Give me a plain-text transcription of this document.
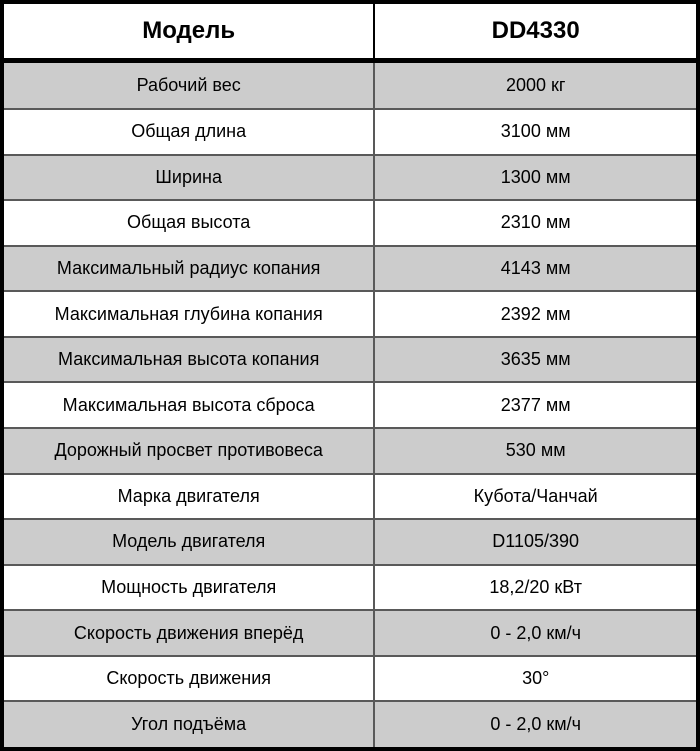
Модель	DD4330
Рабочий вес	2000 кг
Общая длина	3100 мм
Ширина	1300 мм
Общая высота	2310 мм
Максимальный радиус копания	4143 мм
Максимальная глубина копания	2392 мм
Максимальная высота копания	3635 мм
Максимальная высота сброса	2377 мм
Дорожный просвет противовеса	530 мм
Марка двигателя	Кубота/Чанчай
Модель двигателя	D1105/390
Мощность двигателя	18,2/20 кВт
Скорость движения вперёд	0 - 2,0 км/ч
Скорость движения	30°
Угол подъёма	0 - 2,0 км/ч
